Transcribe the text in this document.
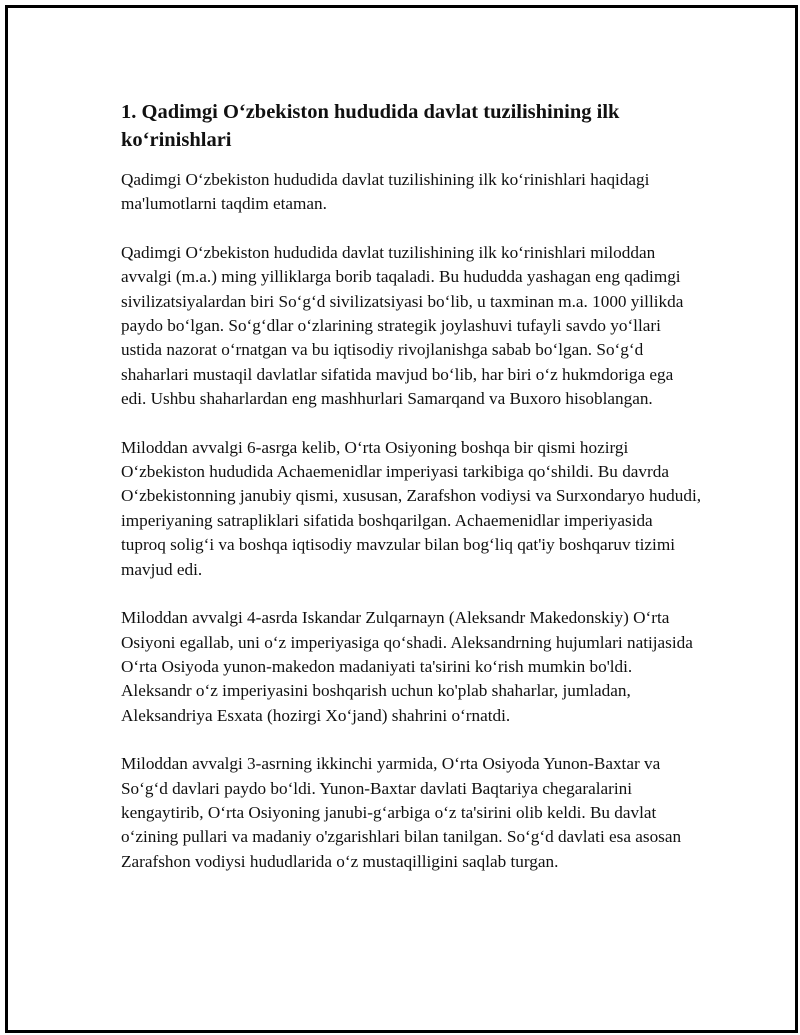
1. Qadimgi O‘zbekiston hududida davlat tuzilishining ilk ko‘rinishlari

Qadimgi O‘zbekiston hududida davlat tuzilishining ilk ko‘rinishlari haqidagi ma'lumotlarni taqdim etaman.

Qadimgi O‘zbekiston hududida davlat tuzilishining ilk ko‘rinishlari miloddan avvalgi (m.a.) ming yilliklarga borib taqaladi. Bu hududda yashagan eng qadimgi sivilizatsiyalardan biri So‘g‘d sivilizatsiyasi bo‘lib, u taxminan m.a. 1000 yillikda paydo bo‘lgan. So‘g‘dlar o‘zlarining strategik joylashuvi tufayli savdo yo‘llari ustida nazorat o‘rnatgan va bu iqtisodiy rivojlanishga sabab bo‘lgan. So‘g‘d shaharlari mustaqil davlatlar sifatida mavjud bo‘lib, har biri o‘z hukmdoriga ega edi. Ushbu shaharlardan eng mashhurlari Samarqand va Buxoro hisoblangan.

Miloddan avvalgi 6-asrga kelib, O‘rta Osiyoning boshqa bir qismi hozirgi O‘zbekiston hududida Achaemenidlar imperiyasi tarkibiga qo‘shildi. Bu davrda O‘zbekistonning janubiy qismi, xususan, Zarafshon vodiysi va Surxondaryo hududi, imperiyaning satrapliklari sifatida boshqarilgan. Achaemenidlar imperiyasida tuproq solig‘i va boshqa iqtisodiy mavzular bilan bog‘liq qat'iy boshqaruv tizimi mavjud edi.

Miloddan avvalgi 4-asrda Iskandar Zulqarnayn (Aleksandr Makedonskiy) O‘rta Osiyoni egallab, uni o‘z imperiyasiga qo‘shadi. Aleksandrning hujumlari natijasida O‘rta Osiyoda yunon-makedon madaniyati ta'sirini ko‘rish mumkin bo'ldi. Aleksandr o‘z imperiyasini boshqarish uchun ko'plab shaharlar, jumladan, Aleksandriya Esxata (hozirgi Xo‘jand) shahrini o‘rnatdi.

Miloddan avvalgi 3-asrning ikkinchi yarmida, O‘rta Osiyoda Yunon-Baxtar va So‘g‘d davlari paydo bo‘ldi. Yunon-Baxtar davlati Baqtariya chegaralarini kengaytirib, O‘rta Osiyoning janubi-g‘arbiga o‘z ta'sirini olib keldi. Bu davlat o‘zining pullari va madaniy o'zgarishlari bilan tanilgan. So‘g‘d davlati esa asosan Zarafshon vodiysi hududlarida o‘z mustaqilligini saqlab turgan.
